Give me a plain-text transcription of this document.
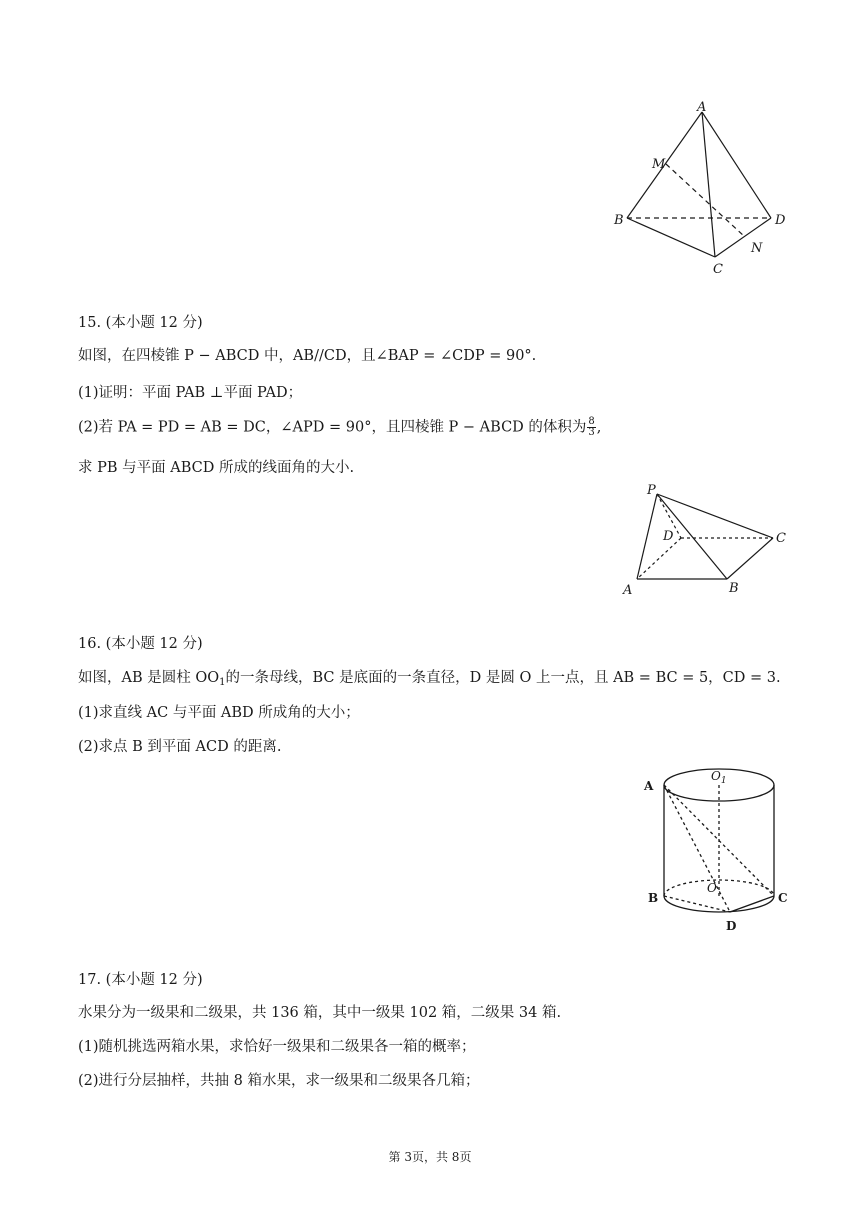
A
B
C
D
M
N
15. (本小题 12 分)
如图，在四棱锥 P − ABCD 中，AB//CD，且∠BAP = ∠CDP = 90°.
(1)证明：平面 PAB ⊥平面 PAD；
(2)若 PA = PD = AB = DC，∠APD = 90°，且四棱锥 P − ABCD 的体积为 $\frac{8}{3}$ ,
求 PB 与平面 ABCD 所成的线面角的大小.
P
D	C
A	B
16. (本小题 12 分)
如图，AB 是圆柱 $OO_1$的一条母线，BC 是底面的一条直径，D 是圆 O 上一点，且 AB = BC = 5，CD = 3.
(1)求直线 AC 与平面 ABD 所成角的大小；
(2)求点 B 到平面 ACD 的距离.
A
$O_1$
O
B	C
D
17. (本小题 12 分)
水果分为一级果和二级果，共 136 箱，其中一级果 102 箱，二级果 34 箱.
(1)随机挑选两箱水果，求恰好一级果和二级果各一箱的概率；
(2)进行分层抽样，共抽 8 箱水果，求一级果和二级果各几箱；
第 3页，共 8页
